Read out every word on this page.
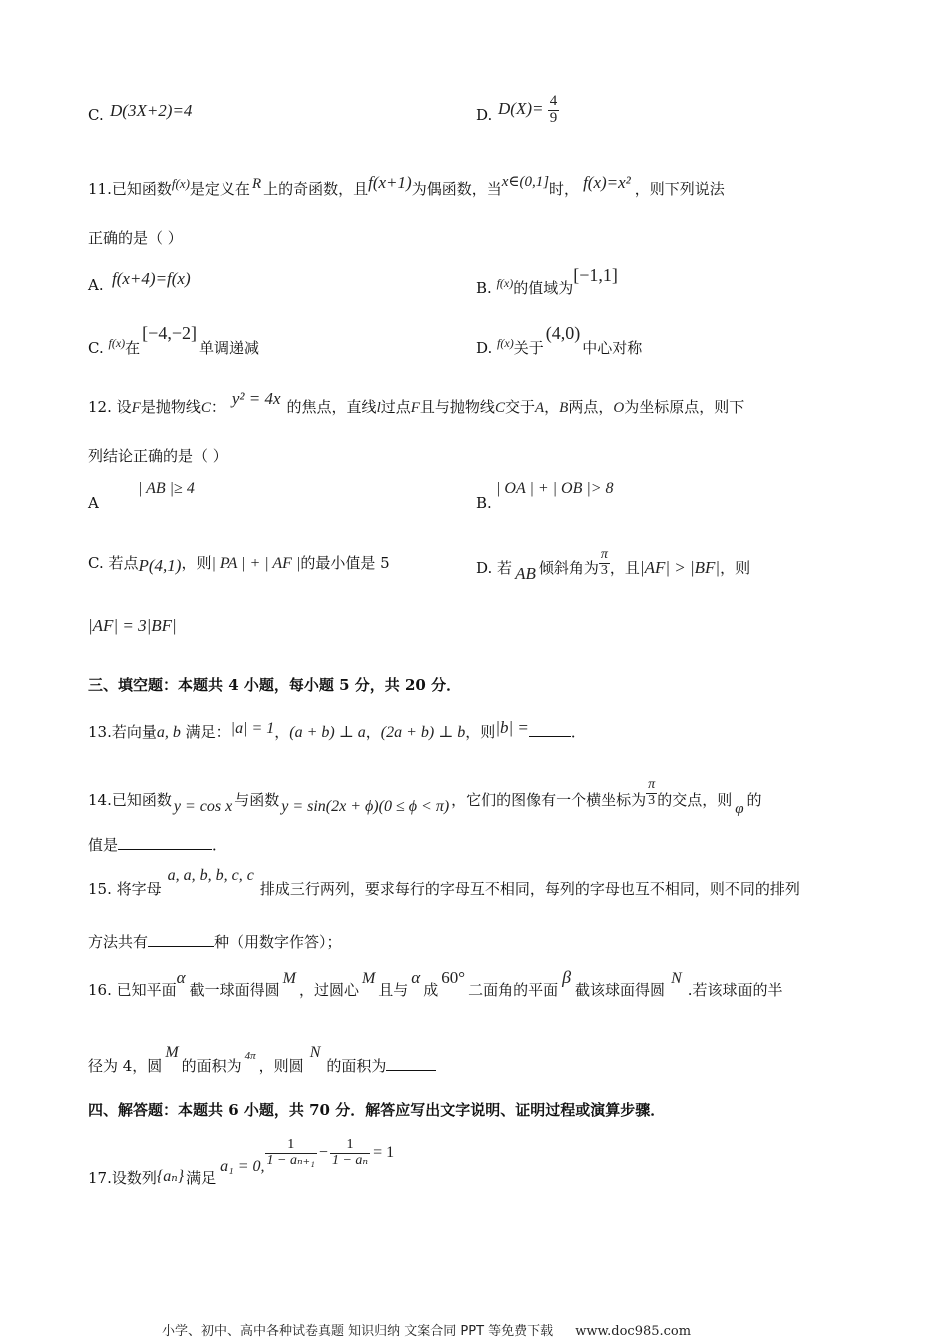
C. D(3X+2)=4	D. $D(X)= \frac{4}{9}$
11.已知函数f(x)是定义在 R 上的奇函数，且f(x+1)为偶函数，当x∈(0,1]时， f(x)=x² ，则下列说法
正确的是（ ）
A. f(x+4)=f(x)	B. $_{f(x)}$的值域为[−1,1]
C. $_{f(x)}$在[−4,−2]单调递减	D. $_{f(x)}$关于(4,0)中心对称
12. 设F是抛物线C： y² = 4x 的焦点，直线l过点F且与抛物线C交于A，B两点，O为坐标原点，则下
列结论正确的是（ ）
A
| AB |≥ 4
B.
| OA | + | OB |> 8
C. 若点P(4,1)，则| PA | + | AF |的最小值是 5	D. 若 AB 倾斜角为 $\frac{\pi}{3}$ ，且|AF| > |BF|，则
|AF| = 3|BF|
三、填空题：本题共 4 小题，每小题 5 分，共 20 分．
13.若向量a, b 满足：|a| = 1，(a + b) ⊥ a，(2a + b) ⊥ b，则|b| =	．
14.已知函数 y = cos x 与函数 y = sin(2x + ϕ)(0 ≤ ϕ < π) ，它们的图像有一个横坐标为 $\frac{\pi}{3}$ 的交点，则 φ 的
值是	．
15. 将字母a, a, b, b, c, c排成三行两列，要求每行的字母互不相同，每列的字母也互不相同，则不同的排列
方法共有	种（用数字作答）；
16. 已知平面α截一球面得圆M，过圆心M且与α成60°二面角的平面β截该球面得圆N.若该球面的半
径为 4，圆M的面积为4π，则圆N的面积为
四、解答题：本题共 6 小题，共 70 分．解答应写出文字说明、证明过程或演算步骤．
17.设数列{aₙ} 满足a₁ = 0, $\frac{1}{\text{1 − aₙ₊₁}} - \frac{1}{\text{1 − aₙ}} = 1$
小学、初中、高中各种试卷真题 知识归纳 文案合同 PPT 等免费下载 www.doc985.com
